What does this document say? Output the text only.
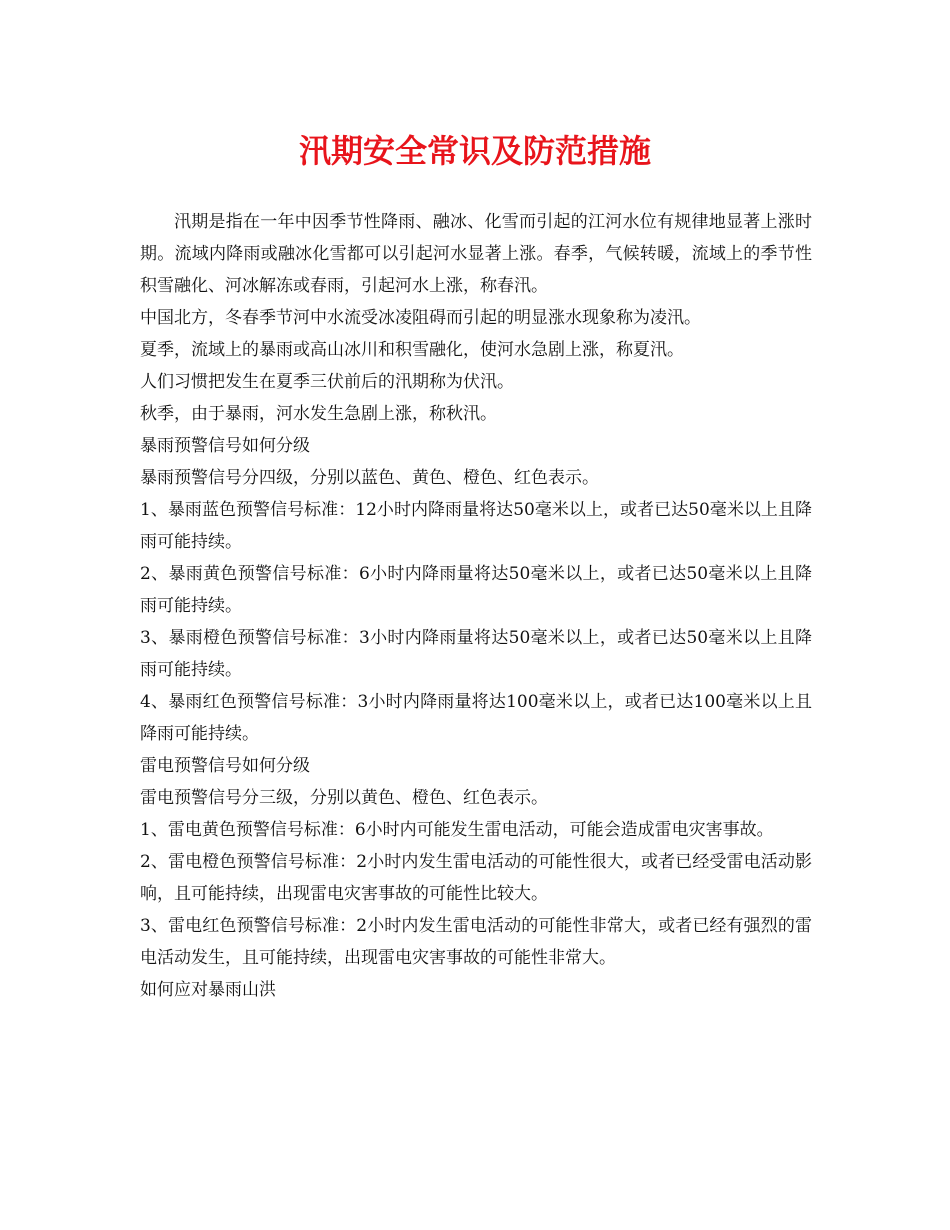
汛期安全常识及防范措施

汛期是指在一年中因季节性降雨、融冰、化雪而引起的江河水位有规律地显著上涨时期。流域内降雨或融冰化雪都可以引起河水显著上涨。春季，气候转暖，流域上的季节性积雪融化、河冰解冻或春雨，引起河水上涨，称春汛。

中国北方，冬春季节河中水流受冰凌阻碍而引起的明显涨水现象称为凌汛。

夏季，流域上的暴雨或高山冰川和积雪融化，使河水急剧上涨，称夏汛。

人们习惯把发生在夏季三伏前后的汛期称为伏汛。

秋季，由于暴雨，河水发生急剧上涨，称秋汛。

暴雨预警信号如何分级

暴雨预警信号分四级，分别以蓝色、黄色、橙色、红色表示。

1、暴雨蓝色预警信号标准：12小时内降雨量将达50毫米以上，或者已达50毫米以上且降雨可能持续。

2、暴雨黄色预警信号标准：6小时内降雨量将达50毫米以上，或者已达50毫米以上且降雨可能持续。

3、暴雨橙色预警信号标准：3小时内降雨量将达50毫米以上，或者已达50毫米以上且降雨可能持续。

4、暴雨红色预警信号标准：3小时内降雨量将达100毫米以上，或者已达100毫米以上且降雨可能持续。

雷电预警信号如何分级

雷电预警信号分三级，分别以黄色、橙色、红色表示。

1、雷电黄色预警信号标准：6小时内可能发生雷电活动，可能会造成雷电灾害事故。

2、雷电橙色预警信号标准：2小时内发生雷电活动的可能性很大，或者已经受雷电活动影响，且可能持续，出现雷电灾害事故的可能性比较大。

3、雷电红色预警信号标准：2小时内发生雷电活动的可能性非常大，或者已经有强烈的雷电活动发生，且可能持续，出现雷电灾害事故的可能性非常大。

如何应对暴雨山洪
